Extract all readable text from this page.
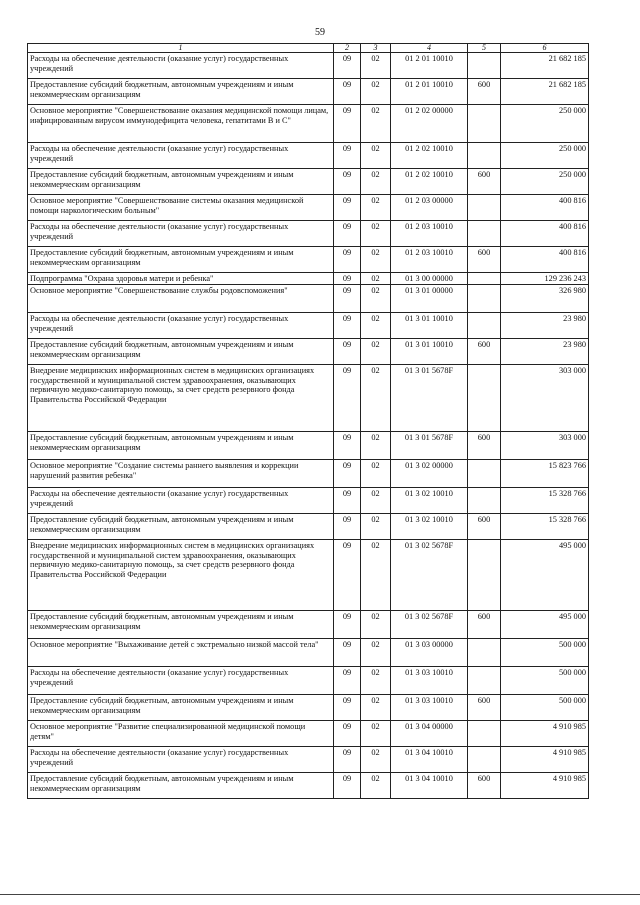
59
1	2	3	4	5	6
Расходы на обеспечение деятельности (оказание услуг) государственных учреждений	09	02	01 2 01 10010		21 682 185
Предоставление субсидий бюджетным, автономным учреждениям и иным некоммерческим организациям	09	02	01 2 01 10010	600	21 682 185
Основное мероприятие "Совершенствование оказания медицинской помощи лицам, инфицированным вирусом иммунодефицита человека, гепатитами В и С"	09	02	01 2 02 00000		250 000
Расходы на обеспечение деятельности (оказание услуг) государственных учреждений	09	02	01 2 02 10010		250 000
Предоставление субсидий бюджетным, автономным учреждениям и иным некоммерческим организациям	09	02	01 2 02 10010	600	250 000
Основное мероприятие "Совершенствование системы оказания медицинской помощи наркологическим больным"	09	02	01 2 03 00000		400 816
Расходы на обеспечение деятельности (оказание услуг) государственных учреждений	09	02	01 2 03 10010		400 816
Предоставление субсидий бюджетным, автономным учреждениям и иным некоммерческим организациям	09	02	01 2 03 10010	600	400 816
Подпрограмма "Охрана здоровья матери и ребенка"	09	02	01 3 00 00000		129 236 243
Основное мероприятие "Совершенствование службы родовспоможения"	09	02	01 3 01 00000		326 980
Расходы на обеспечение деятельности (оказание услуг) государственных учреждений	09	02	01 3 01 10010		23 980
Предоставление субсидий бюджетным, автономным учреждениям и иным некоммерческим организациям	09	02	01 3 01 10010	600	23 980
Внедрение медицинских информационных систем в медицинских организациях государственной и муниципальной систем здравоохранения, оказывающих первичную медико-санитарную помощь, за счет средств резервного фонда Правительства Российской Федерации	09	02	01 3 01 5678F		303 000
Предоставление субсидий бюджетным, автономным учреждениям и иным некоммерческим организациям	09	02	01 3 01 5678F	600	303 000
Основное мероприятие "Создание системы раннего выявления и коррекции нарушений развития ребенка"	09	02	01 3 02 00000		15 823 766
Расходы на обеспечение деятельности (оказание услуг) государственных учреждений	09	02	01 3 02 10010		15 328 766
Предоставление субсидий бюджетным, автономным учреждениям и иным некоммерческим организациям	09	02	01 3 02 10010	600	15 328 766
Внедрение медицинских информационных систем в медицинских организациях государственной и муниципальной систем здравоохранения, оказывающих первичную медико-санитарную помощь, за счет средств резервного фонда Правительства Российской Федерации	09	02	01 3 02 5678F		495 000
Предоставление субсидий бюджетным, автономным учреждениям и иным некоммерческим организациям	09	02	01 3 02 5678F	600	495 000
Основное мероприятие "Выхаживание детей с экстремально низкой массой тела"	09	02	01 3 03 00000		500 000
Расходы на обеспечение деятельности (оказание услуг) государственных учреждений	09	02	01 3 03 10010		500 000
Предоставление субсидий бюджетным, автономным учреждениям и иным некоммерческим организациям	09	02	01 3 03 10010	600	500 000
Основное мероприятие "Развитие специализированной медицинской помощи детям"	09	02	01 3 04 00000		4 910 985
Расходы на обеспечение деятельности (оказание услуг) государственных учреждений	09	02	01 3 04 10010		4 910 985
Предоставление субсидий бюджетным, автономным учреждениям и иным некоммерческим организациям	09	02	01 3 04 10010	600	4 910 985
